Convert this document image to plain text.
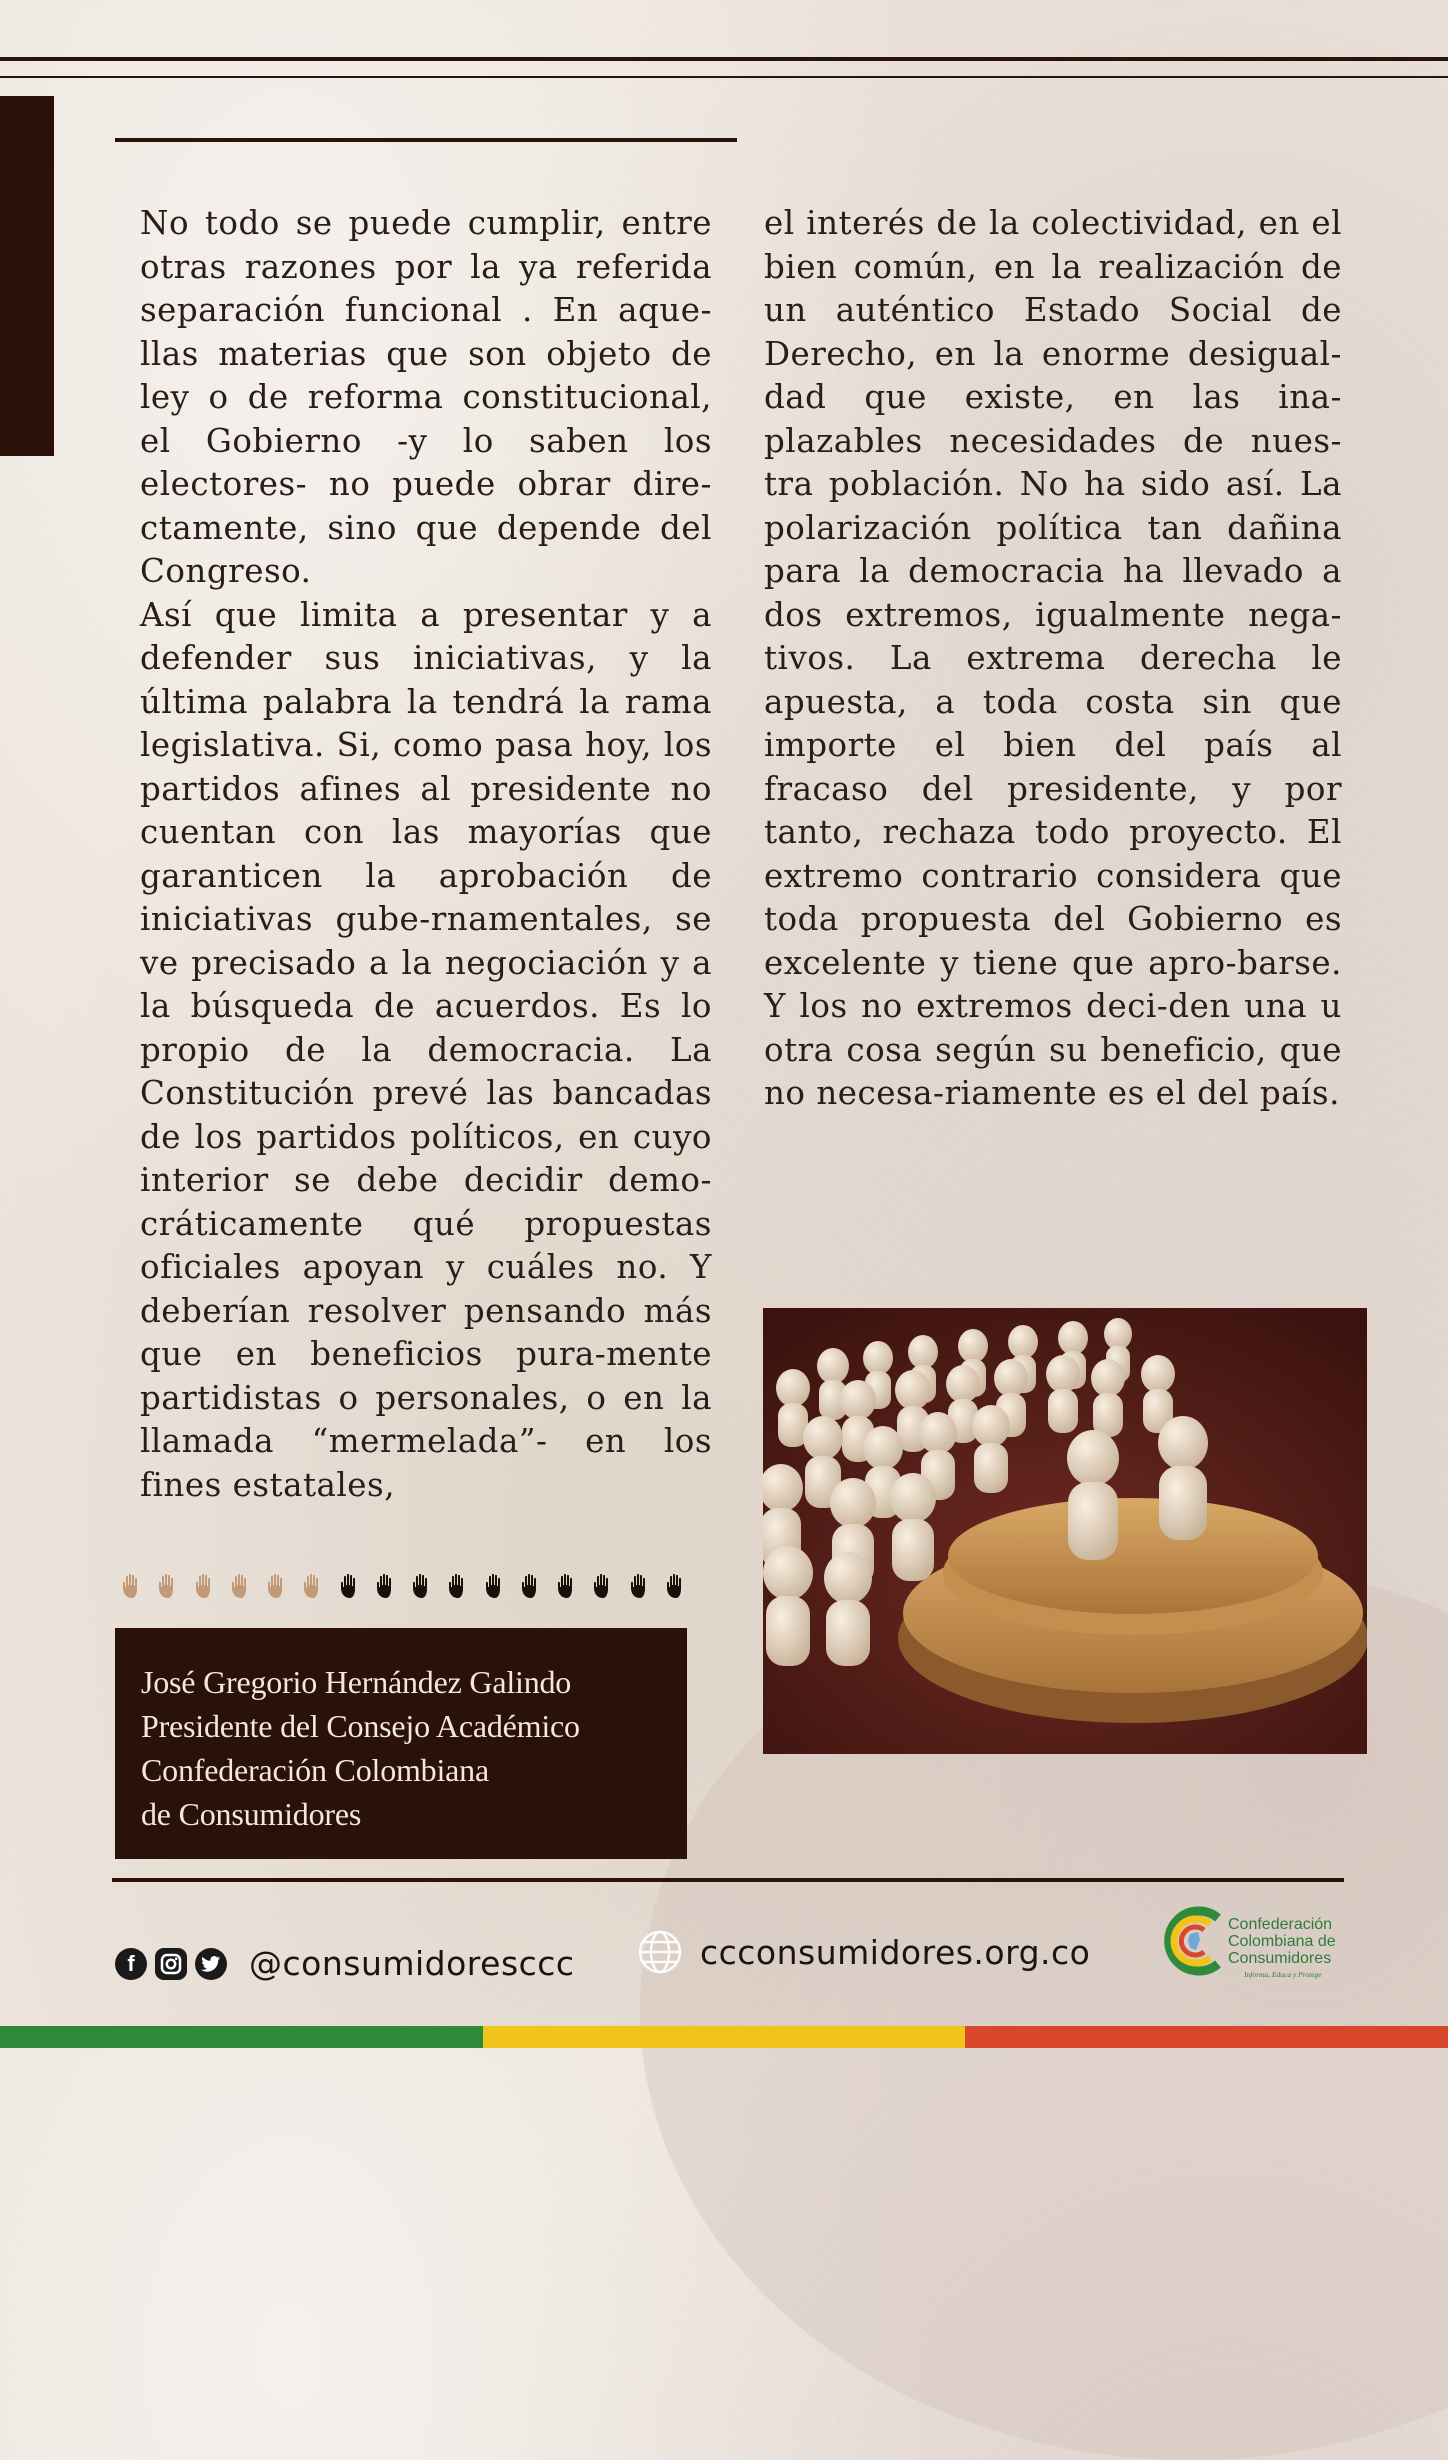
No todo se puede cumplir, entre otras razones por la ya referida separación funcional . En aque-llas materias que son objeto de ley o de reforma constitucional, el Gobierno -y lo saben los electores- no puede obrar dire-ctamente, sino que depende del Congreso.

Así que limita a presentar y a defender sus iniciativas, y la última palabra la tendrá la rama legislativa. Si, como pasa hoy, los partidos afines al presidente no cuentan con las mayorías que garanticen la aprobación de iniciativas gube-rnamentales, se ve precisado a la negociación y a la búsqueda de acuerdos. Es lo propio de la democracia. La Constitución prevé las bancadas de los partidos políticos, en cuyo interior se debe decidir demo-cráticamente qué propuestas oficiales apoyan y cuáles no. Y deberían resolver pensando más que en beneficios pura-mente partidistas o personales, o en la llamada “mermelada”- en los fines estatales,

el interés de la colectividad, en el bien común, en la realización de un auténtico Estado Social de Derecho, en la enorme desigual-dad que existe, en las ina-plazables necesidades de nues-tra población. No ha sido así. La polarización política tan dañina para la democracia ha llevado a dos extremos, igualmente nega-tivos. La extrema derecha le apuesta, a toda costa sin que importe el bien del país al fracaso del presidente, y por tanto, rechaza todo proyecto. El extremo contrario considera que toda propuesta del Gobierno es excelente y tiene que apro-barse. Y los no extremos deci-den una u otra cosa según su beneficio, que no necesa-riamente es el del país.

José Gregorio Hernández Galindo
Presidente del Consejo Académico
Confederación Colombiana
de Consumidores
f	@consumidoresccc	ccconsumidores.org.co
Confederación
Colombiana de
Consumidores
Informa, Educa y Protege
